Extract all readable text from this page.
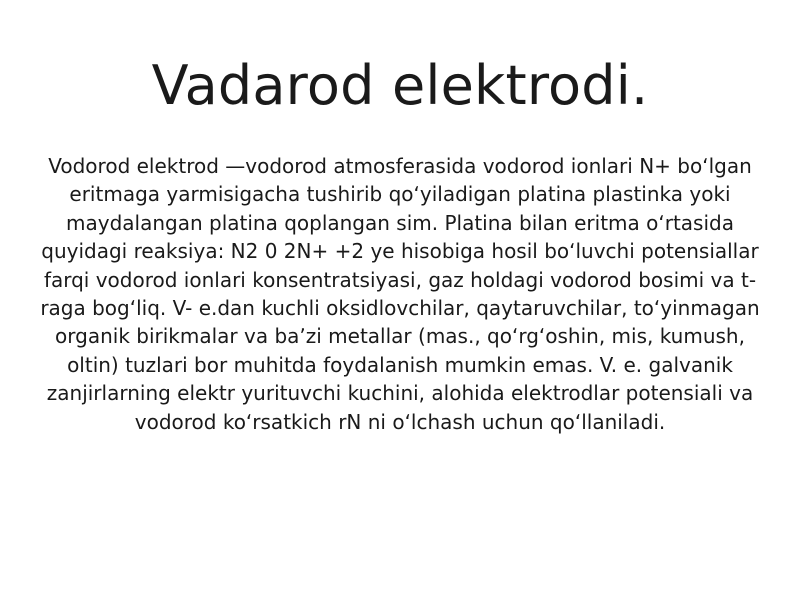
Vadarod elektrodi.

Vodorod elektrod —vodorod atmosferasida vodorod ionlari N+ boʻlgan eritmaga yarmisigacha tushirib qoʻyiladigan platina plastinka yoki maydalangan platina qoplangan sim. Platina bilan eritma oʻrtasida quyidagi reaksiya: N2 0 2N+ +2 ye hisobiga hosil boʻluvchi potensiallar farqi vodorod ionlari konsentratsiyasi, gaz holdagi vodorod bosimi va t-raga bogʻliq. V- e.dan kuchli oksidlovchilar, qaytaruvchilar, toʻyinmagan organik birikmalar va baʼzi metallar (mas., qoʻrgʻoshin, mis, kumush, oltin) tuzlari bor muhitda foydalanish mumkin emas. V. e. galvanik zanjirlarning elektr yurituvchi kuchini, alohida elektrodlar potensiali va vodorod koʻrsatkich rN ni oʻlchash uchun qoʻllaniladi.
